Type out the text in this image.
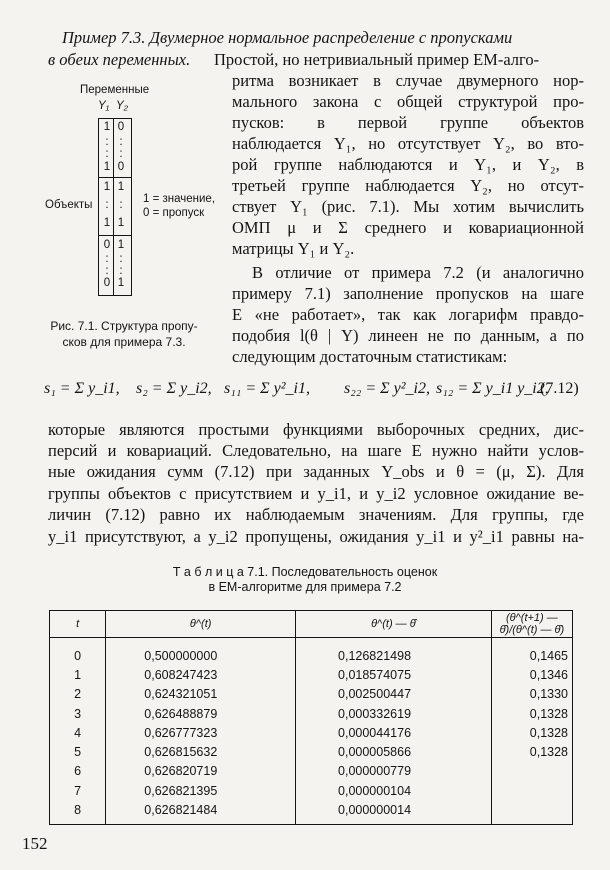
Пример 7.3. Двумерное нормальное распределение с пропусками
в обеих переменных. Простой, но нетривиальный пример ЕМ-алго-
ритма возникает в случае двумерного нор-
мального закона с общей структурой про-
пусков: в первой группе объектов
наблюдается Y₁, но отсутствует Y₂, во вто-
рой группе наблюдаются и Y₁, и Y₂, в
третьей группе наблюдается Y₂, но отсут-
ствует Y₁ (рис. 7.1). Мы хотим вычислить
ОМП μ и Σ среднего и ковариационной
матрицы Y₁ и Y₂.
В отличие от примера 7.2 (и аналогично
примеру 7.1) заполнение пропусков на шаге
E «не работает», так как логарифм правдо-
подобия l(θ | Y) линеен не по данным, а по
следующим достаточным статистикам:
Переменные
Y₁ Y₂
Объекты	1 = значение,
0 = пропуск
1 0
: :
: :
1 0
1 1
: :
1 1
0 1
: :
: :
0 1
Рис. 7.1. Структура пропу-
сков для примера 7.3.
s₁ = Σ y_i1, s₂ = Σ y_i2, s₁₁ = Σ y²_i1, s₂₂ = Σ y²_i2, s₁₂ = Σ y_i1 y_i2,
(7.12)
которые являются простыми функциями выборочных средних, дис-
персий и ковариаций. Следовательно, на шаге E нужно найти услов-
ные ожидания сумм (7.12) при заданных Y_obs и θ = (μ, Σ). Для
группы объектов с присутствием и y_i1, и y_i2 условное ожидание ве-
личин (7.12) равно их наблюдаемым значениям. Для группы, где
y_i1 присутствуют, а y_i2 пропущены, ожидания y_i1 и y²_i1 равны на-
Т а б л и ц а 7.1. Последовательность оценок
в ЕМ-алгоритме для примера 7.2
t	θ^(t)	θ^(t) — θ̂	(θ^(t+1) — θ̂)/(θ^(t) — θ̂)
0	0,500000000	0,126821498	0,1465
1	0,608247423	0,018574075	0,1346
2	0,624321051	0,002500447	0,1330
3	0,626488879	0,000332619	0,1328
4	0,626777323	0,000044176	0,1328
5	0,626815632	0,000005866	0,1328
6	0,626820719	0,000000779	
7	0,626821395	0,000000104	
8	0,626821484	0,000000014	
152
